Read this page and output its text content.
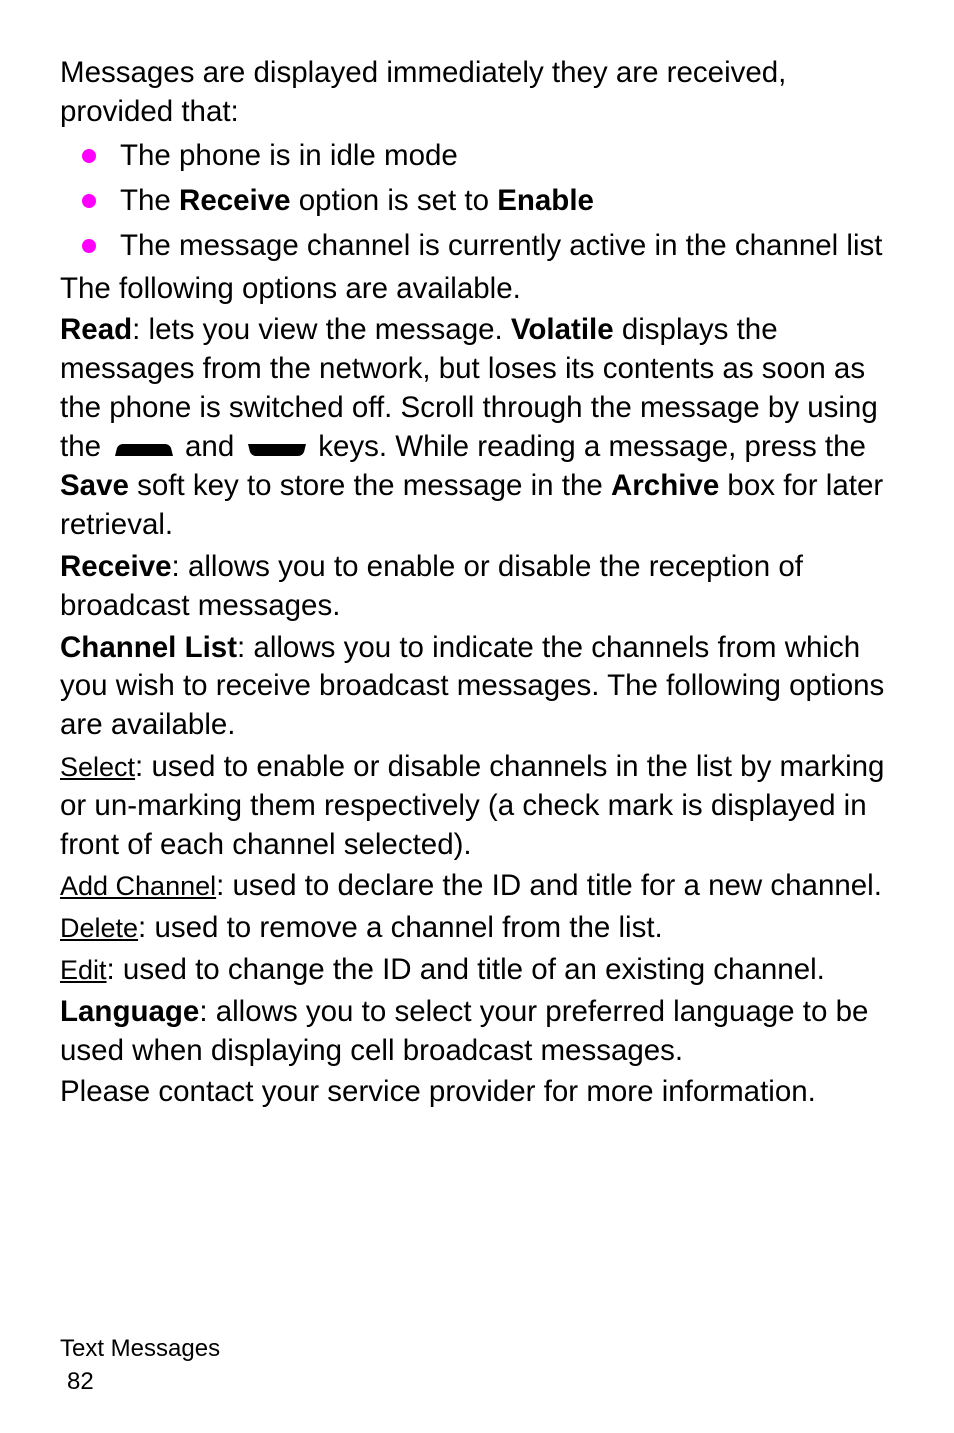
Messages are displayed immediately they are received, provided that:

The phone is in idle mode
The Receive option is set to Enable
The message channel is currently active in the channel list

The following options are available.

Read: lets you view the message. Volatile displays the messages from the network, but loses its contents as soon as the phone is switched off. Scroll through the message by using the	and	keys. While reading a message, press the Save soft key to store the message in the Archive box for later retrieval.

Receive: allows you to enable or disable the reception of broadcast messages.

Channel List: allows you to indicate the channels from which you wish to receive broadcast messages. The following options are available.

Select: used to enable or disable channels in the list by marking or un-marking them respectively (a check mark is displayed in front of each channel selected).

Add Channel: used to declare the ID and title for a new channel.

Delete: used to remove a channel from the list.

Edit: used to change the ID and title of an existing channel.

Language: allows you to select your preferred language to be used when displaying cell broadcast messages.

Please contact your service provider for more information.

Text Messages
82
